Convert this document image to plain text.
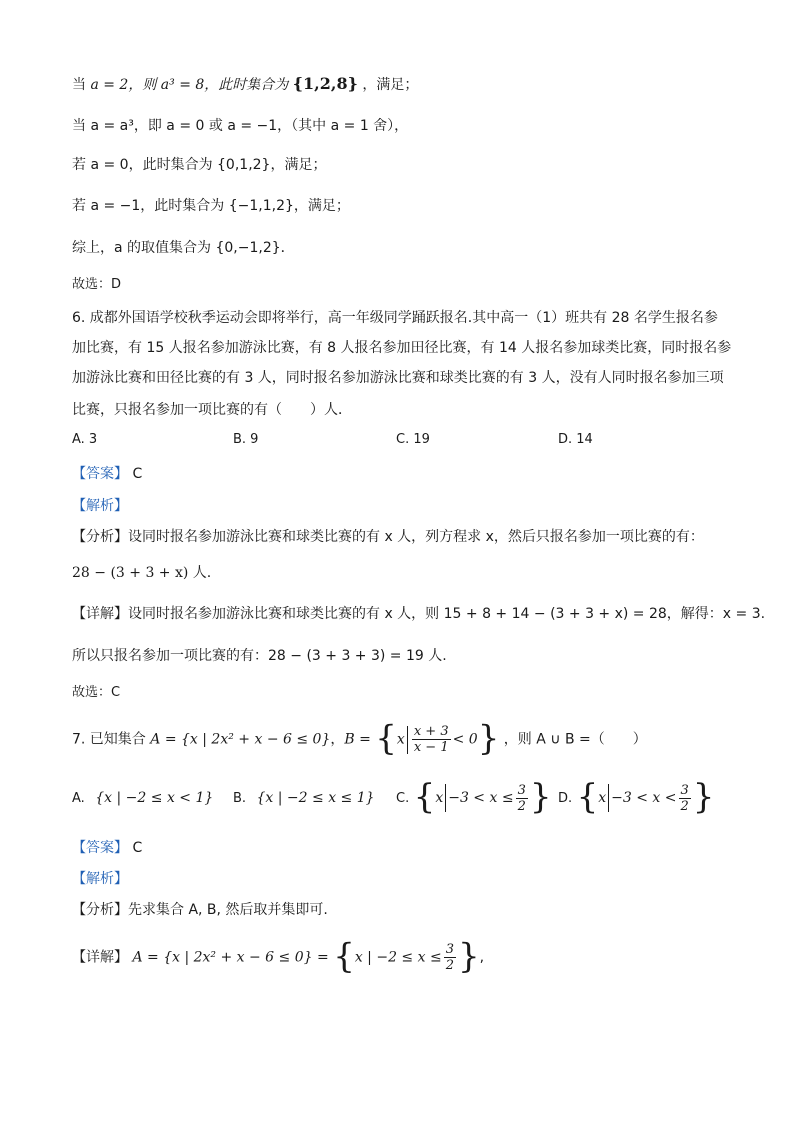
当 a = 2，则 a³ = 8，此时集合为 {1,2,8} ，满足；
当 a = a³，即 a = 0 或 a = −1，（其中 a = 1 舍），
若 a = 0，此时集合为 {0,1,2}，满足；
若 a = −1，此时集合为 {−1,1,2}，满足；
综上，a 的取值集合为 {0,−1,2}．
故选：D
6. 成都外国语学校秋季运动会即将举行，高一年级同学踊跃报名.其中高一（1）班共有 28 名学生报名参
加比赛，有 15 人报名参加游泳比赛，有 8 人报名参加田径比赛，有 14 人报名参加球类比赛，同时报名参
加游泳比赛和田径比赛的有 3 人，同时报名参加游泳比赛和球类比赛的有 3 人，没有人同时报名参加三项
比赛，只报名参加一项比赛的有（　　）人．
A. 3	B. 9	C. 19	D. 14
【答案】 C
【解析】
【分析】设同时报名参加游泳比赛和球类比赛的有 x 人，列方程求 x，然后只报名参加一项比赛的有：
28 − (3 + 3 + x) 人.
【详解】设同时报名参加游泳比赛和球类比赛的有 x 人，则 15 + 8 + 14 − (3 + 3 + x) = 28，解得：x = 3.
所以只报名参加一项比赛的有：28 − (3 + 3 + 3) = 19 人.
故选：C
7. 已知集合 A = {x | 2x² + x − 6 ≤ 0}，$B = \{x \frac{x + 3}{x - 1} < 0\}$ ，则 A ∪ B =（　　）
A. {x | −2 ≤ x < 1} B. {x | −2 ≤ x ≤ 1} C. {$x -3 < x \le \frac{3}{2}$ } D. {$x -3 < x < \frac{3}{2}$ }
【答案】 C
【解析】
【分析】先求集合 A, B, 然后取并集即可.
【详解】 A = {x | 2x² + x − 6 ≤ 0} = {x | $-2 \le x \le \frac{3}{2}$ },
